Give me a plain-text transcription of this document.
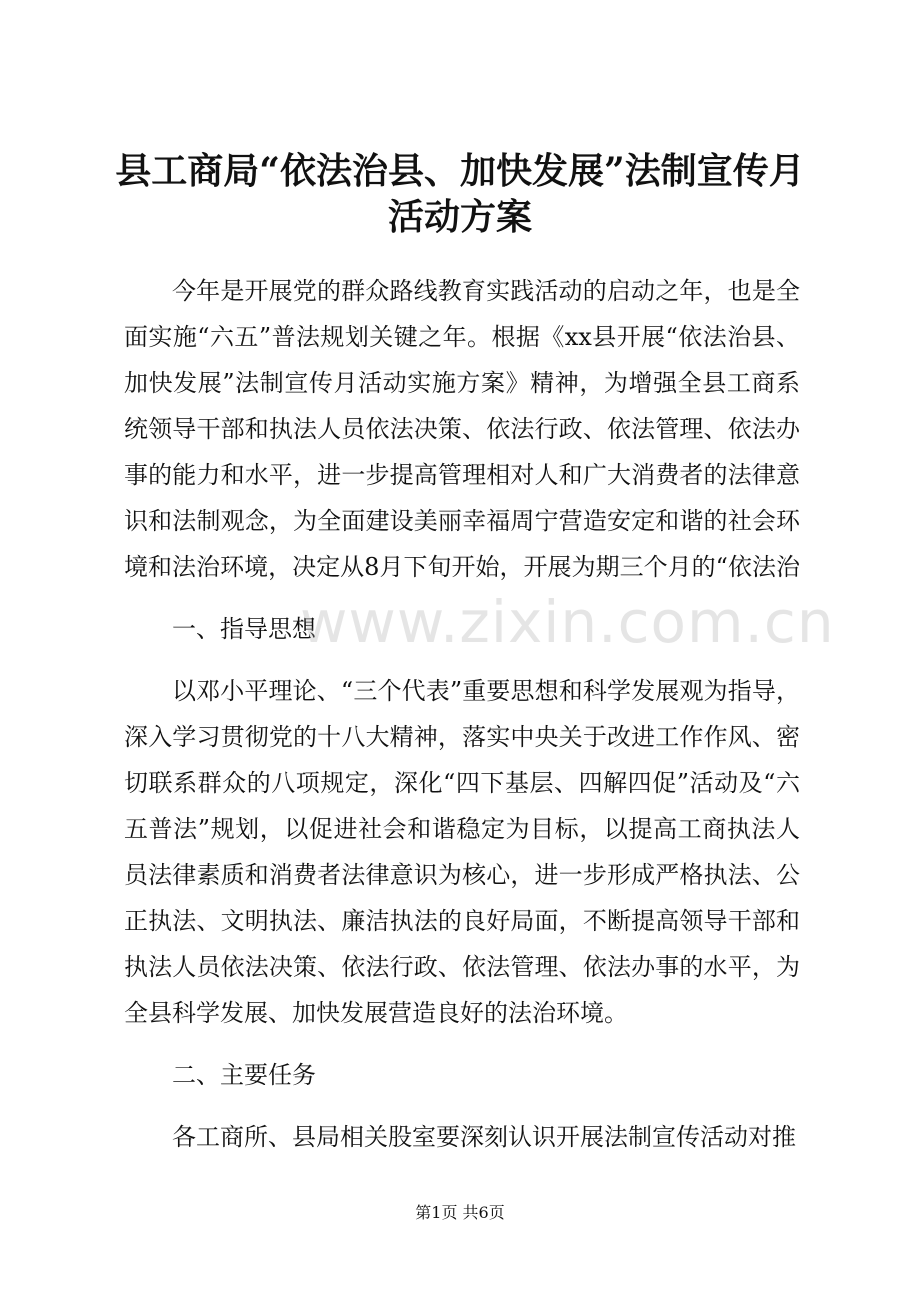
县工商局“依法治县、加快发展”法制宣传月活动方案

今年是开展党的群众路线教育实践活动的启动之年，也是全面实施“六五”普法规划关键之年。根据《xx县开展“依法治县、加快发展”法制宣传月活动实施方案》精神，为增强全县工商系统领导干部和执法人员依法决策、依法行政、依法管理、依法办事的能力和水平，进一步提高管理相对人和广大消费者的法律意识和法制观念，为全面建设美丽幸福周宁营造安定和谐的社会环境和法治环境，决定从8月下旬开始，开展为期三个月的“依法治

一、指导思想

以邓小平理论、“三个代表”重要思想和科学发展观为指导，深入学习贯彻党的十八大精神，落实中央关于改进工作作风、密切联系群众的八项规定，深化“四下基层、四解四促”活动及“六五普法”规划，以促进社会和谐稳定为目标，以提高工商执法人员法律素质和消费者法律意识为核心，进一步形成严格执法、公正执法、文明执法、廉洁执法的良好局面，不断提高领导干部和执法人员依法决策、依法行政、依法管理、依法办事的水平，为全县科学发展、加快发展营造良好的法治环境。

二、主要任务

各工商所、县局相关股室要深刻认识开展法制宣传活动对推

www.zixin.com.cn
第1页 共6页
